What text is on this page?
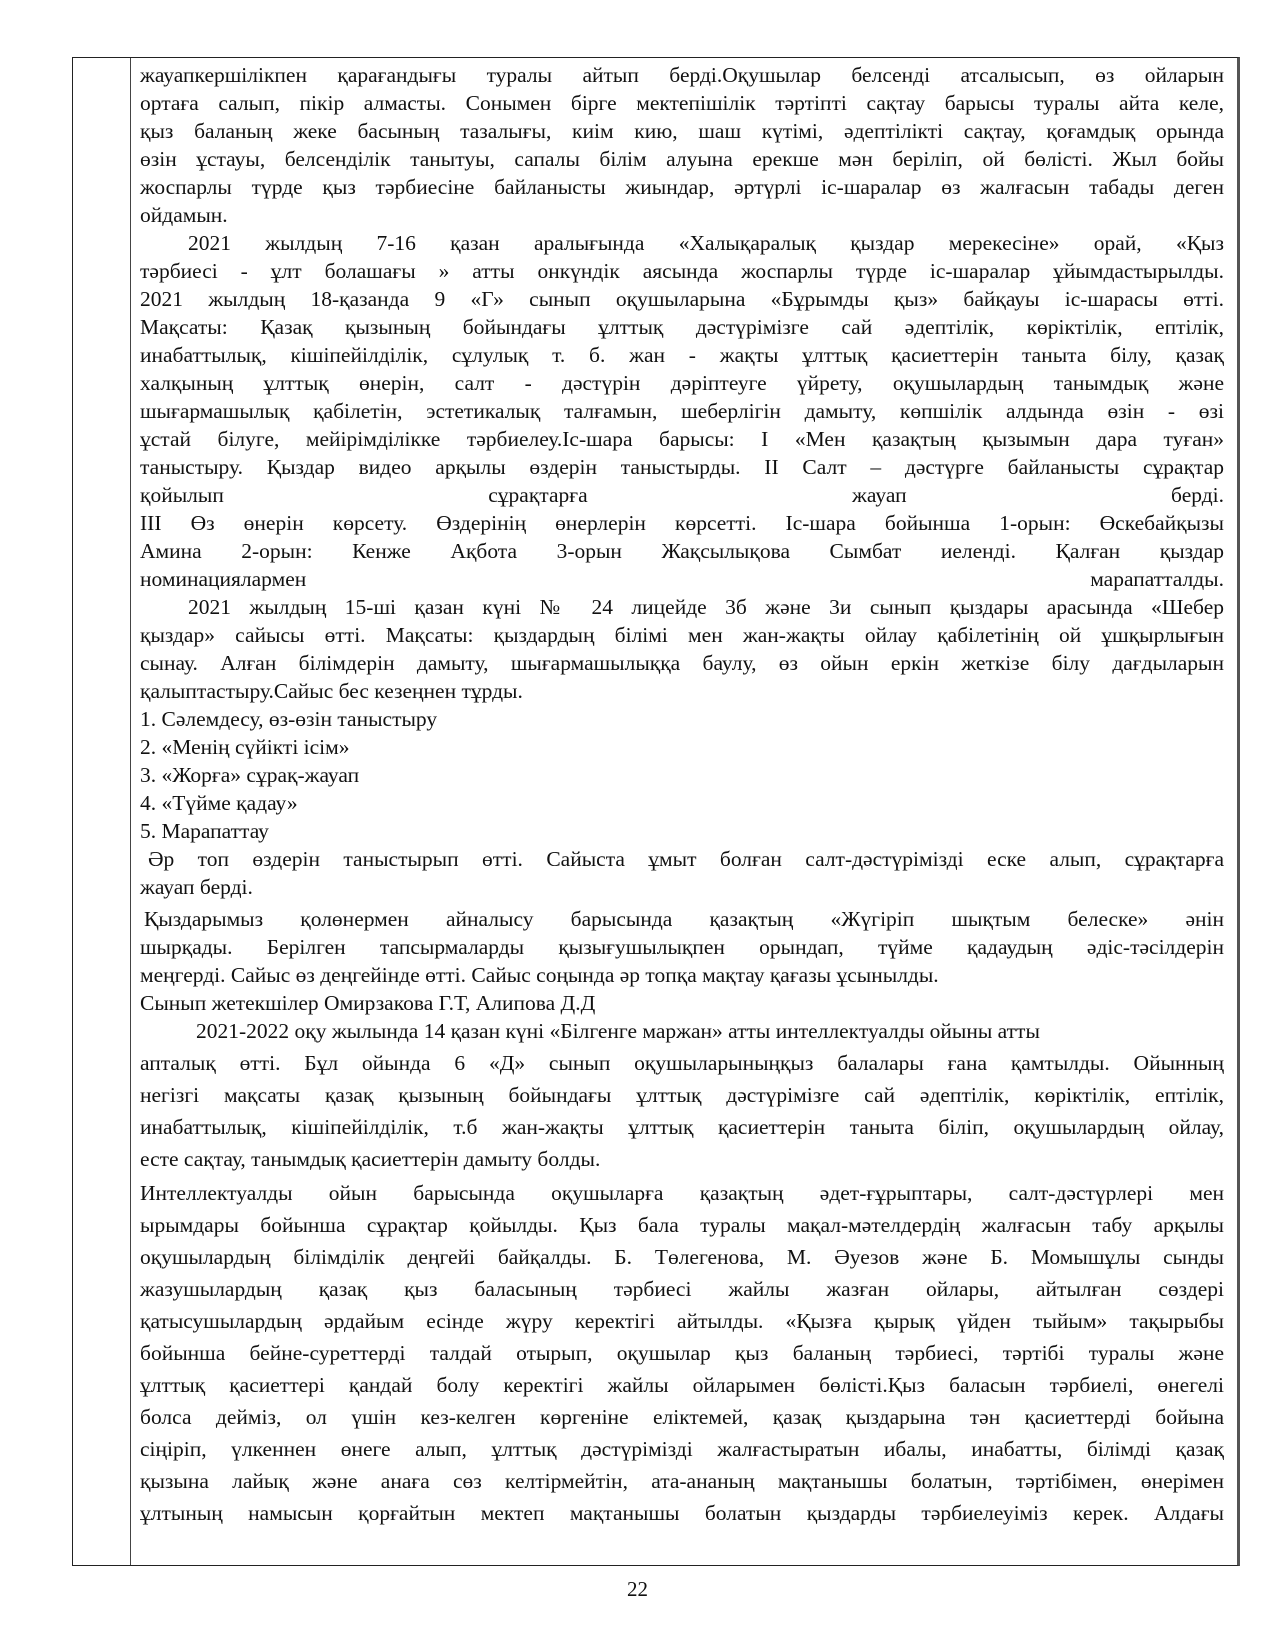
жауапкершілікпен қарағандығы туралы айтып берді.Оқушылар белсенді атсалысып, өз ойларын
ортаға салып, пікір алмасты. Сонымен бірге мектепішілік тәртіпті сақтау барысы туралы айта келе,
қыз баланың жеке басының тазалығы, киім кию, шаш күтімі, әдептілікті сақтау, қоғамдық орында
өзін ұстауы, белсенділік танытуы, сапалы білім алуына ерекше мән беріліп, ой бөлісті. Жыл бойы
жоспарлы түрде қыз тәрбиесіне байланысты жиындар, әртүрлі іс-шаралар өз жалғасын табады деген
ойдамын.
2021 жылдың 7-16 қазан аралығында «Халықаралық қыздар мерекесіне» орай, «Қыз
тәрбиесі - ұлт болашағы » атты онкүндік аясында жоспарлы түрде іс-шаралар ұйымдастырылды.
2021 жылдың 18-қазанда 9 «Г» сынып оқушыларына «Бұрымды қыз» байқауы іс-шарасы өтті.
Мақсаты: Қазақ қызының бойындағы ұлттық дәстүрімізге сай әдептілік, көріктілік, ептілік,
инабаттылық, кішіпейілділік, сұлулық т. б. жан - жақты ұлттық қасиеттерін таныта білу, қазақ
халқының ұлттық өнерін, салт - дәстүрін дәріптеуге үйрету, оқушылардың танымдық және
шығармашылық қабілетін, эстетикалық талғамын, шеберлігін дамыту, көпшілік алдында өзін - өзі
ұстай білуге, мейірімділікке тәрбиелеу.Іс-шара барысы: І «Мен қазақтың қызымын дара туған»
таныстыру. Қыздар видео арқылы өздерін таныстырды. ІІ Салт – дәстүрге байланысты сұрақтар
қойылып сұрақтарға жауап берді.
ІІІ Өз өнерін көрсету. Өздерінің өнерлерін көрсетті. Іс-шара бойынша 1-орын: Өскебайқызы
Амина 2-орын: Кенже Ақбота 3-орын Жақсылықова Сымбат иеленді. Қалған қыздар
номинациялармен марапатталды.
2021 жылдың 15-ші қазан күні № 24 лицейде 3б және 3и сынып қыздары арасында «Шебер
қыздар» сайысы өтті. Мақсаты: қыздардың білімі мен жан-жақты ойлау қабілетінің ой ұшқырлығын
сынау. Алған білімдерін дамыту, шығармашылыққа баулу, өз ойын еркін жеткізе білу дағдыларын
қалыптастыру.Сайыс бес кезеңнен тұрды.
1. Сәлемдесу, өз-өзін таныстыру
2. «Менің сүйікті ісім»
3. «Жорға» сұрақ-жауап
4. «Түйме қадау»
5. Марапаттау
Әр топ өздерін таныстырып өтті. Сайыста ұмыт болған салт-дәстүрімізді еске алып, сұрақтарға
жауап берді.
Қыздарымыз қолөнермен айналысу барысында қазақтың «Жүгіріп шықтым белеске» әнін
шырқады. Берілген тапсырмаларды қызығушылықпен орындап, түйме қадаудың әдіс-тәсілдерін
меңгерді. Сайыс өз деңгейінде өтті. Сайыс соңында әр топқа мақтау қағазы ұсынылды.
Сынып жетекшілер Омирзакова Г.Т, Алипова Д.Д
2021-2022 оқу жылында 14 қазан күні «Білгенге маржан» атты интеллектуалды ойыны атты
апталық өтті. Бұл ойында 6 «Д» сынып оқушыларыныңқыз балалары ғана қамтылды. Ойынның
негізгі мақсаты қазақ қызының бойындағы ұлттық дәстүрімізге сай әдептілік, көріктілік, ептілік,
инабаттылық, кішіпейілділік, т.б жан-жақты ұлттық қасиеттерін таныта біліп, оқушылардың ойлау,
есте сақтау, танымдық қасиеттерін дамыту болды.
Интеллектуалды ойын барысында оқушыларға қазақтың әдет-ғұрыптары, салт-дәстүрлері мен
ырымдары бойынша сұрақтар қойылды. Қыз бала туралы мақал-мәтелдердің жалғасын табу арқылы
оқушылардың білімділік деңгейі байқалды. Б. Төлегенова, М. Әуезов және Б. Момышұлы сынды
жазушылардың қазақ қыз баласының тәрбиесі жайлы жазған ойлары, айтылған сөздері
қатысушылардың әрдайым есінде жүру керектігі айтылды. «Қызға қырық үйден тыйым» тақырыбы
бойынша бейне-суреттерді талдай отырып, оқушылар қыз баланың тәрбиесі, тәртібі туралы және
ұлттық қасиеттері қандай болу керектігі жайлы ойларымен бөлісті.Қыз баласын тәрбиелі, өнегелі
болса дейміз, ол үшін кез-келген көргеніне еліктемей, қазақ қыздарына тән қасиеттерді бойына
сіңіріп, үлкеннен өнеге алып, ұлттық дәстүрімізді жалғастыратын ибалы, инабатты, білімді қазақ
қызына лайық және анаға сөз келтірмейтін, ата-ананың мақтанышы болатын, тәртібімен, өнерімен
ұлтының намысын қорғайтын мектеп мақтанышы болатын қыздарды тәрбиелеуіміз керек. Алдағы
22
